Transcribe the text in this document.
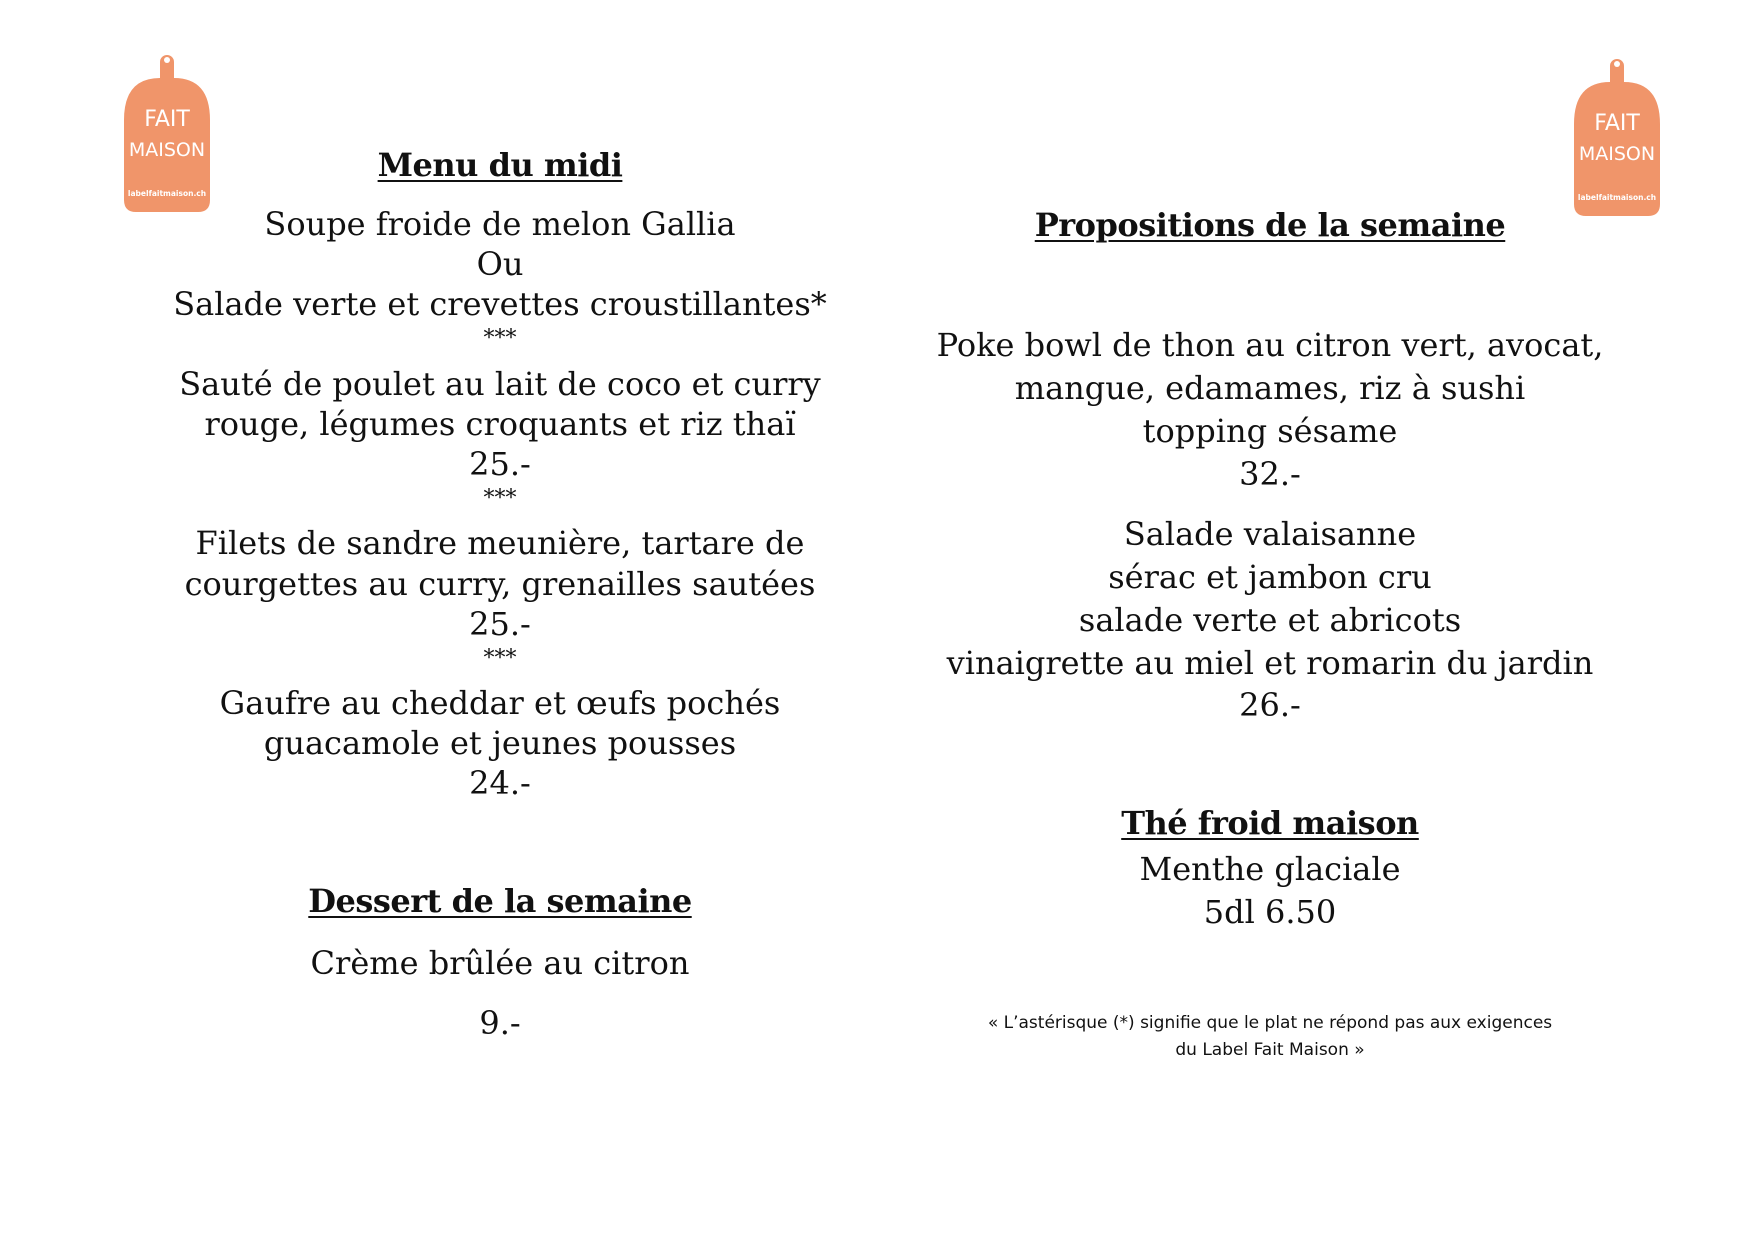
FAIT
MAISON
labelfaitmaison.ch
FAIT
MAISON
labelfaitmaison.ch
Menu du midi
Soupe froide de melon Gallia
Ou
Salade verte et crevettes croustillantes*
***
Sauté de poulet au lait de coco et curry
rouge, légumes croquants et riz thaï
25.-
***
Filets de sandre meunière, tartare de
courgettes au curry, grenailles sautées
25.-
***
Gaufre au cheddar et œufs pochés
guacamole et jeunes pousses
24.-
Dessert de la semaine
Crème brûlée au citron
9.-
Propositions de la semaine
Poke bowl de thon au citron vert, avocat,
mangue, edamames, riz à sushi
topping sésame
32.-
Salade valaisanne
sérac et jambon cru
salade verte et abricots
vinaigrette au miel et romarin du jardin
26.-
Thé froid maison
Menthe glaciale
5dl 6.50
« L’astérisque (*) signifie que le plat ne répond pas aux exigences
du Label Fait Maison »
